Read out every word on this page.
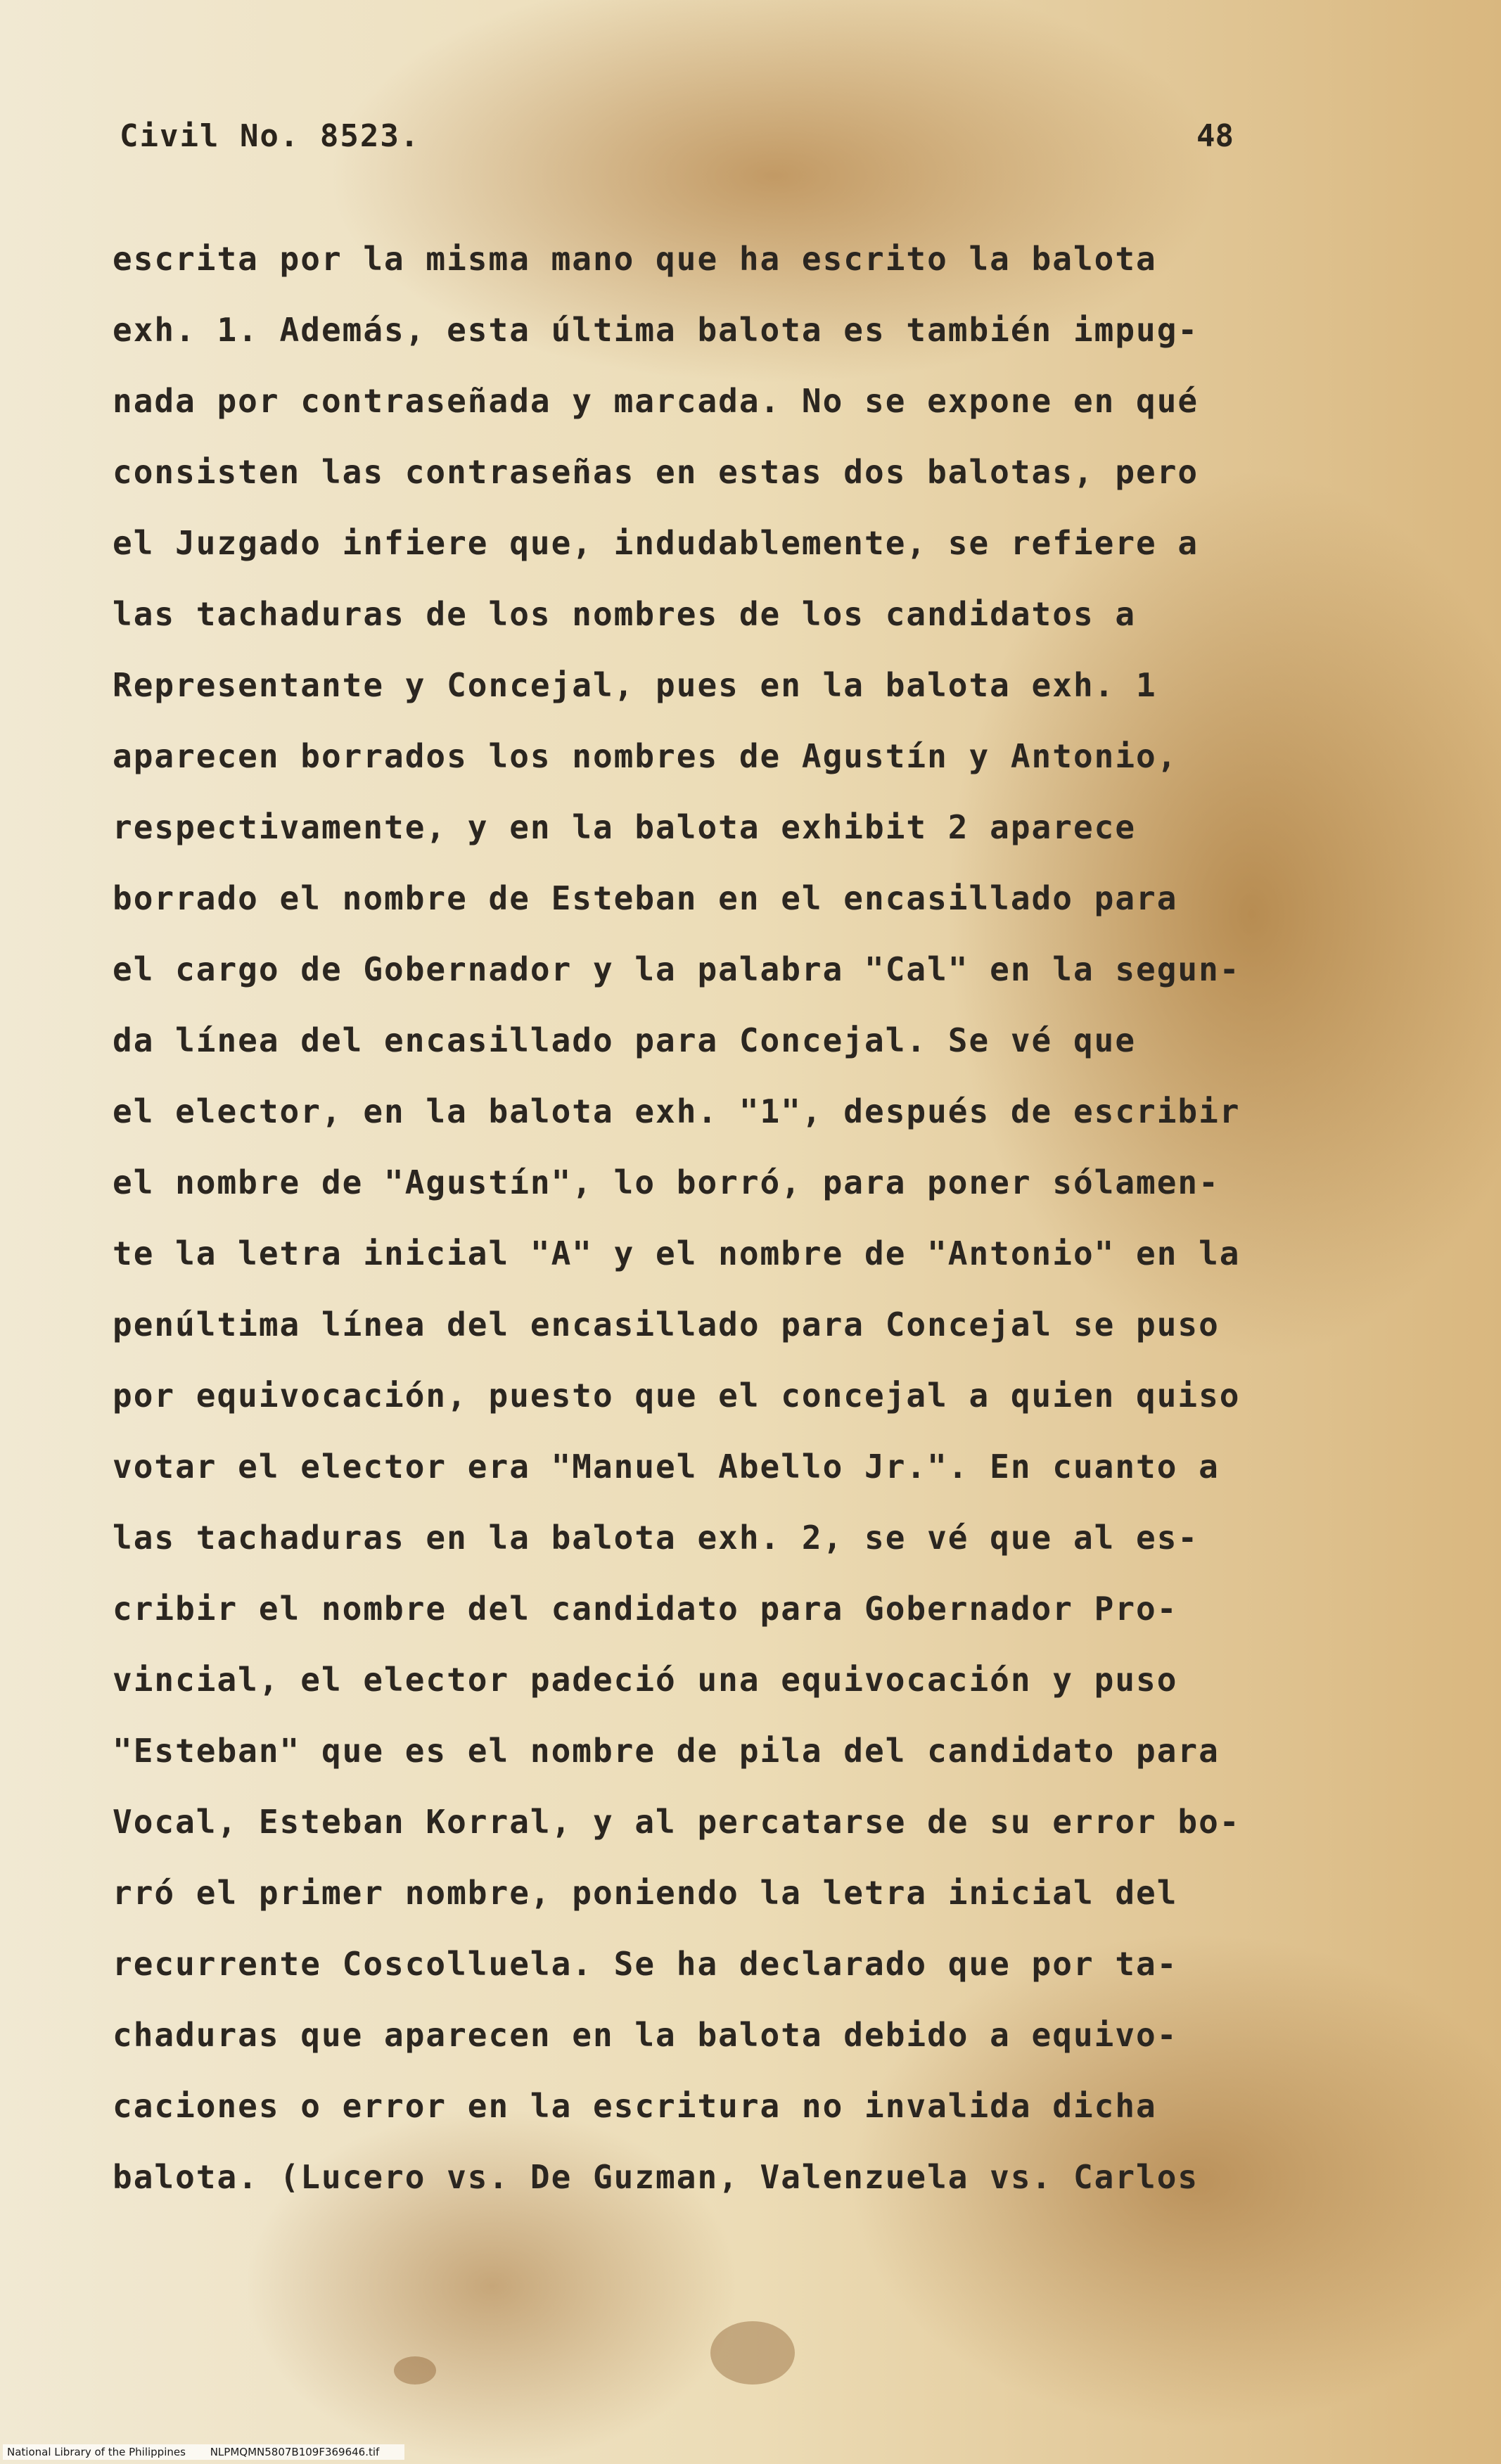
Civil No. 8523.	48
escrita por la misma mano que ha escrito la balota
exh. 1. Además, esta última balota es también impug-
nada por contraseñada y marcada. No se expone en qué
consisten las contraseñas en estas dos balotas, pero
el Juzgado infiere que, indudablemente, se refiere a
las tachaduras de los nombres de los candidatos a
Representante y Concejal, pues en la balota exh. 1
aparecen borrados los nombres de Agustín y Antonio,
respectivamente, y en la balota exhibit 2 aparece
borrado el nombre de Esteban en el encasillado para
el cargo de Gobernador y la palabra "Cal" en la segun-
da línea del encasillado para Concejal. Se vé que
el elector, en la balota exh. "1", después de escribir
el nombre de "Agustín", lo borró, para poner sólamen-
te la letra inicial "A" y el nombre de "Antonio" en la
penúltima línea del encasillado para Concejal se puso
por equivocación, puesto que el concejal a quien quiso
votar el elector era "Manuel Abello Jr.". En cuanto a
las tachaduras en la balota exh. 2, se vé que al es-
cribir el nombre del candidato para Gobernador Pro-
vincial, el elector padeció una equivocación y puso
"Esteban" que es el nombre de pila del candidato para
Vocal, Esteban Korral, y al percatarse de su error bo-
rró el primer nombre, poniendo la letra inicial del
recurrente Coscolluela. Se ha declarado que por ta-
chaduras que aparecen en la balota debido a equivo-
caciones o error en la escritura no invalida dicha
balota. (Lucero vs. De Guzman, Valenzuela vs. Carlos
National Library of the Philippines NLPMQMN5807B109F369646.tif
